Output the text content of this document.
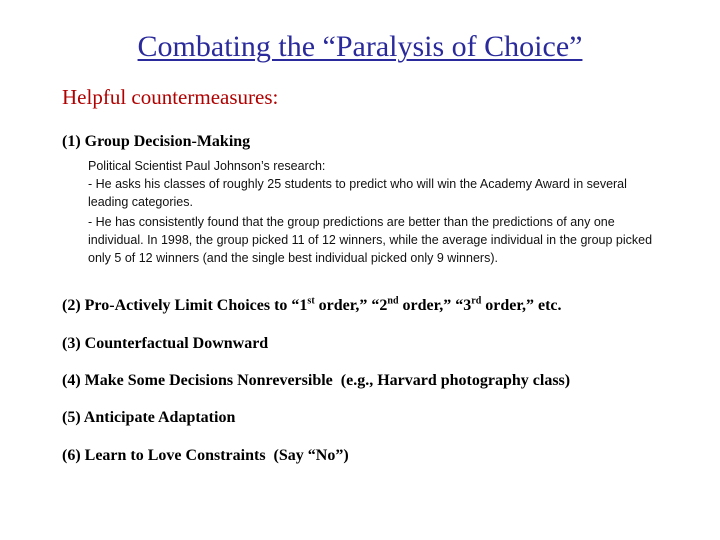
Combating the “Paralysis of Choice”
Helpful countermeasures:
(1) Group Decision-Making

Political Scientist Paul Johnson’s research:

- He asks his classes of roughly 25 students to predict who will win the Academy Award in several leading categories.

- He has consistently found that the group predictions are better than the predictions of any one individual. In 1998, the group picked 11 of 12 winners, while the average individual in the group picked only 5 of 12 winners (and the single best individual picked only 9 winners).

(2) Pro-Actively Limit Choices to “1st order,” “2nd order,” “3rd order,” etc.
(3) Counterfactual Downward
(4) Make Some Decisions Nonreversible  (e.g., Harvard photography class)
(5) Anticipate Adaptation
(6) Learn to Love Constraints  (Say “No”)
